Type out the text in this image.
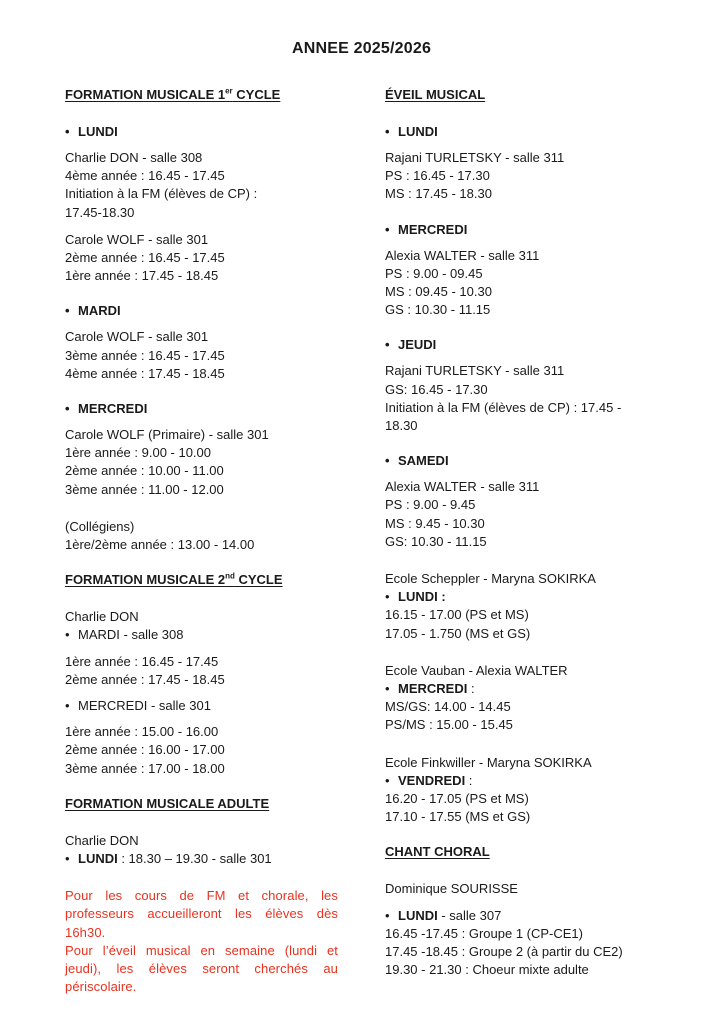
ANNEE 2025/2026

FORMATION MUSICALE 1er CYCLE

• LUNDI

Charlie DON - salle 308

4ème année : 16.45 - 17.45

Initiation à la FM (élèves de CP) :

17.45-18.30

Carole WOLF - salle 301

2ème année : 16.45 - 17.45

1ère année : 17.45 - 18.45

• MARDI

Carole WOLF - salle 301

3ème année : 16.45 - 17.45

4ème année : 17.45 - 18.45

• MERCREDI

Carole WOLF (Primaire) - salle 301

1ère année : 9.00 - 10.00

2ème année : 10.00 - 11.00

3ème année : 11.00 - 12.00

(Collégiens)

1ère/2ème année : 13.00 - 14.00

FORMATION MUSICALE 2nd CYCLE

Charlie DON

• MARDI - salle 308

1ère année : 16.45 - 17.45

2ème année : 17.45 - 18.45

• MERCREDI - salle 301

1ère année : 15.00 - 16.00

2ème année : 16.00 - 17.00

3ème année : 17.00 - 18.00

FORMATION MUSICALE ADULTE

Charlie DON

• LUNDI : 18.30 – 19.30 - salle 301

Pour les cours de FM et chorale, les professeurs accueilleront les élèves dès 16h30.

Pour l’éveil musical en semaine (lundi et jeudi), les élèves seront cherchés au périscolaire.

ÉVEIL MUSICAL

• LUNDI

Rajani TURLETSKY - salle 311

PS : 16.45 - 17.30

MS : 17.45 - 18.30

• MERCREDI

Alexia WALTER - salle 311

PS : 9.00 - 09.45

MS : 09.45 - 10.30

GS : 10.30 - 11.15

• JEUDI

Rajani TURLETSKY - salle 311

GS: 16.45 - 17.30

Initiation à la FM (élèves de CP) : 17.45 -

18.30

• SAMEDI

Alexia WALTER - salle 311

PS : 9.00 - 9.45

MS : 9.45 - 10.30

GS: 10.30 - 11.15

Ecole Scheppler - Maryna SOKIRKA

• LUNDI :

16.15 - 17.00 (PS et MS)

17.05 - 1.750 (MS et GS)

Ecole Vauban - Alexia WALTER

• MERCREDI :

MS/GS: 14.00 - 14.45

PS/MS : 15.00 - 15.45

Ecole Finkwiller - Maryna SOKIRKA

• VENDREDI :

16.20 - 17.05 (PS et MS)

17.10 - 17.55 (MS et GS)

CHANT CHORAL

Dominique SOURISSE

• LUNDI - salle 307

16.45 -17.45 : Groupe 1 (CP-CE1)

17.45 -18.45 : Groupe 2 (à partir du CE2)

19.30 - 21.30 : Choeur mixte adulte
